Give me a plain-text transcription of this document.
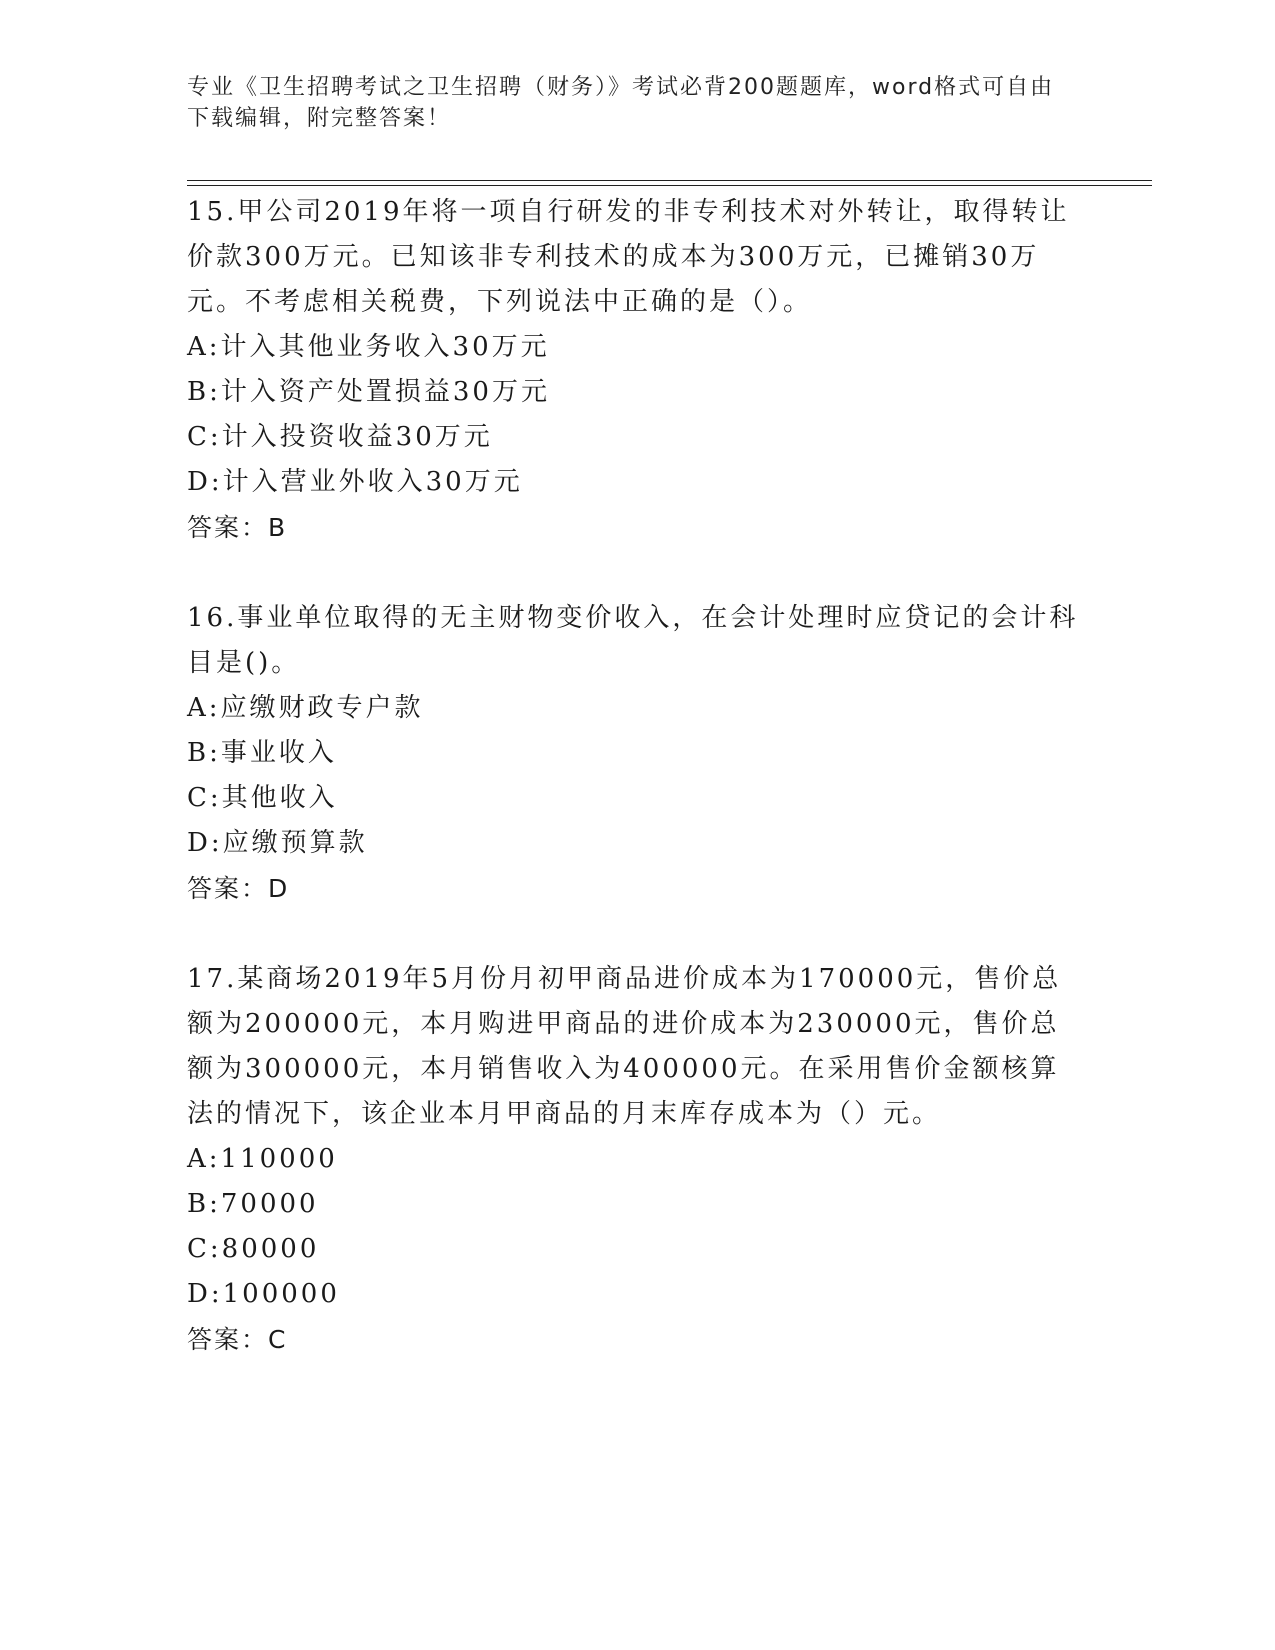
专业《卫生招聘考试之卫生招聘（财务）》考试必背200题题库，word格式可自由下载编辑，附完整答案！

15.甲公司2019年将一项自行研发的非专利技术对外转让，取得转让价款300万元。已知该非专利技术的成本为300万元，已摊销30万元。不考虑相关税费，下列说法中正确的是（）。

A:计入其他业务收入30万元

B:计入资产处置损益30万元

C:计入投资收益30万元

D:计入营业外收入30万元

答案：B

16.事业单位取得的无主财物变价收入，在会计处理时应贷记的会计科目是()。

A:应缴财政专户款

B:事业收入

C:其他收入

D:应缴预算款

答案：D

17.某商场2019年5月份月初甲商品进价成本为170000元，售价总额为200000元，本月购进甲商品的进价成本为230000元，售价总额为300000元，本月销售收入为400000元。在采用售价金额核算法的情况下，该企业本月甲商品的月末库存成本为（）元。

A:110000

B:70000

C:80000

D:100000

答案：C
